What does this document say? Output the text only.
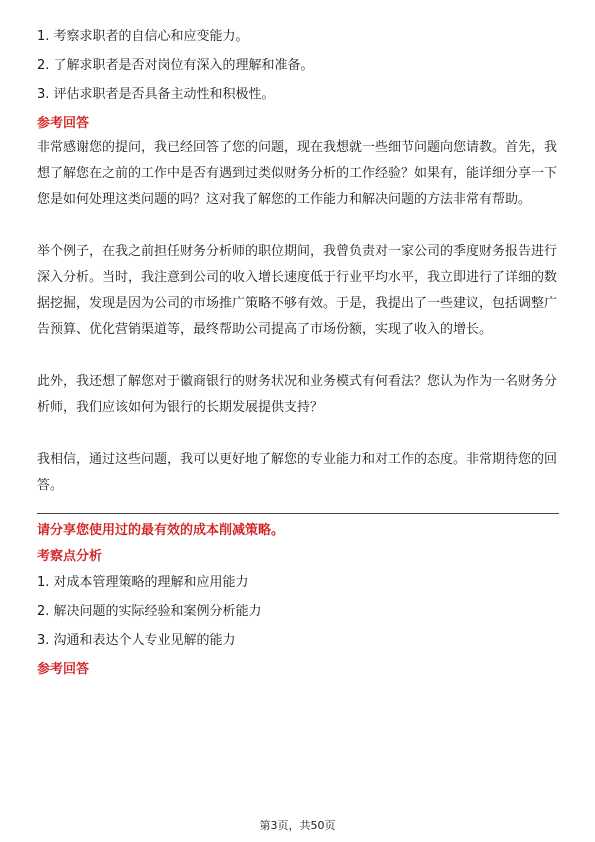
1. 考察求职者的自信心和应变能力。
2. 了解求职者是否对岗位有深入的理解和准备。
3. 评估求职者是否具备主动性和积极性。
参考回答

非常感谢您的提问，我已经回答了您的问题，现在我想就一些细节问题向您请教。首先，我想了解您在之前的工作中是否有遇到过类似财务分析的工作经验？如果有，能详细分享一下您是如何处理这类问题的吗？这对我了解您的工作能力和解决问题的方法非常有帮助。

举个例子，在我之前担任财务分析师的职位期间，我曾负责对一家公司的季度财务报告进行深入分析。当时，我注意到公司的收入增长速度低于行业平均水平，我立即进行了详细的数据挖掘，发现是因为公司的市场推广策略不够有效。于是，我提出了一些建议，包括调整广告预算、优化营销渠道等，最终帮助公司提高了市场份额，实现了收入的增长。

此外，我还想了解您对于徽商银行的财务状况和业务模式有何看法？您认为作为一名财务分析师，我们应该如何为银行的长期发展提供支持？

我相信，通过这些问题，我可以更好地了解您的专业能力和对工作的态度。非常期待您的回答。

请分享您使用过的最有效的成本削减策略。
考察点分析
1. 对成本管理策略的理解和应用能力
2. 解决问题的实际经验和案例分析能力
3. 沟通和表达个人专业见解的能力
参考回答
第3页，共50页
